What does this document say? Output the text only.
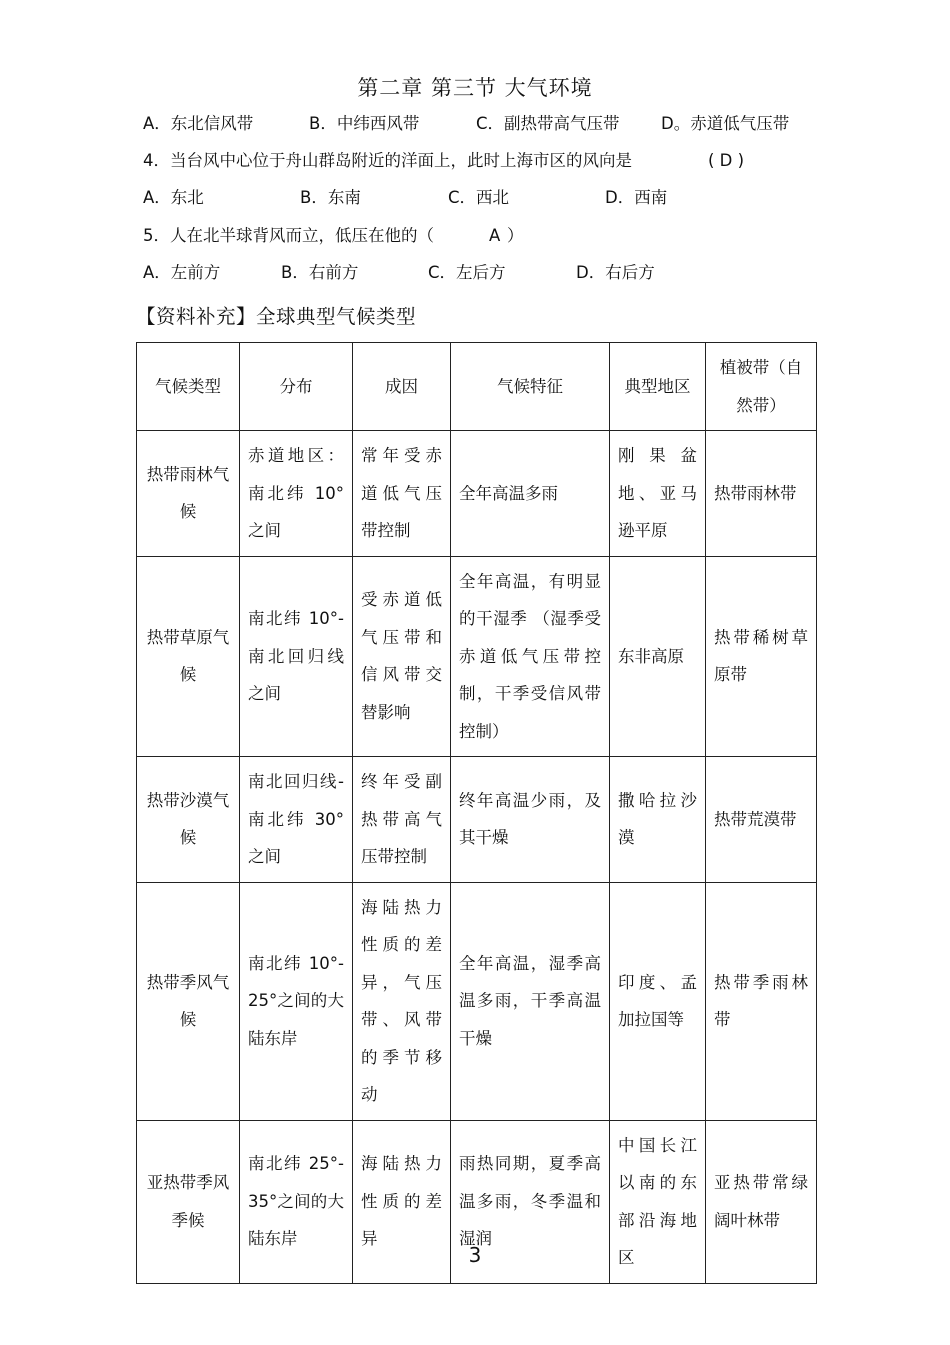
第二章 第三节 大气环境

A．东北信风带

	B．中纬西风带

	C．副热带高气压带

	D。赤道低气压带

4．当台风中心位于舟山群岛附近的洋面上，此时上海市区的风向是

	( D )

A．东北

	B．东南

	C．西北

	D．西南

5．人在北半球背风而立，低压在他的（

	A

）

A．左前方

	B．右前方

	C．左后方

	D．右后方

【资料补充】全球典型气候类型
气候类型	分布	成因	气候特征	典型地区	植被带（自然带）
热带雨林气候	赤道地区：南北纬 10°之间	常年受赤道低气压带控制	全年高温多雨	刚果盆地、亚马逊平原	热带雨林带
热带草原气候	南北纬 10°-南北回归线之间	受赤道低气压带和信风带交替影响	全年高温，有明显的干湿季 （湿季受赤道低气压带控制，干季受信风带控制）	东非高原	热带稀树草原带
热带沙漠气候	南北回归线-南北纬 30°之间	终年受副热带高气压带控制	终年高温少雨，及其干燥	撒哈拉沙漠	热带荒漠带
热带季风气候	南北纬 10°-25°之间的大陆东岸	海陆热力性质的差异，气压带、风带的季节移动	全年高温，湿季高温多雨，干季高温干燥	印度、孟加拉国等	热带季雨林带
亚热带季风季候	南北纬 25°-35°之间的大陆东岸	海陆热力性质的差异	雨热同期，夏季高温多雨，冬季温和湿润	中国长江以南的东部沿海地区	亚热带常绿阔叶林带
3
